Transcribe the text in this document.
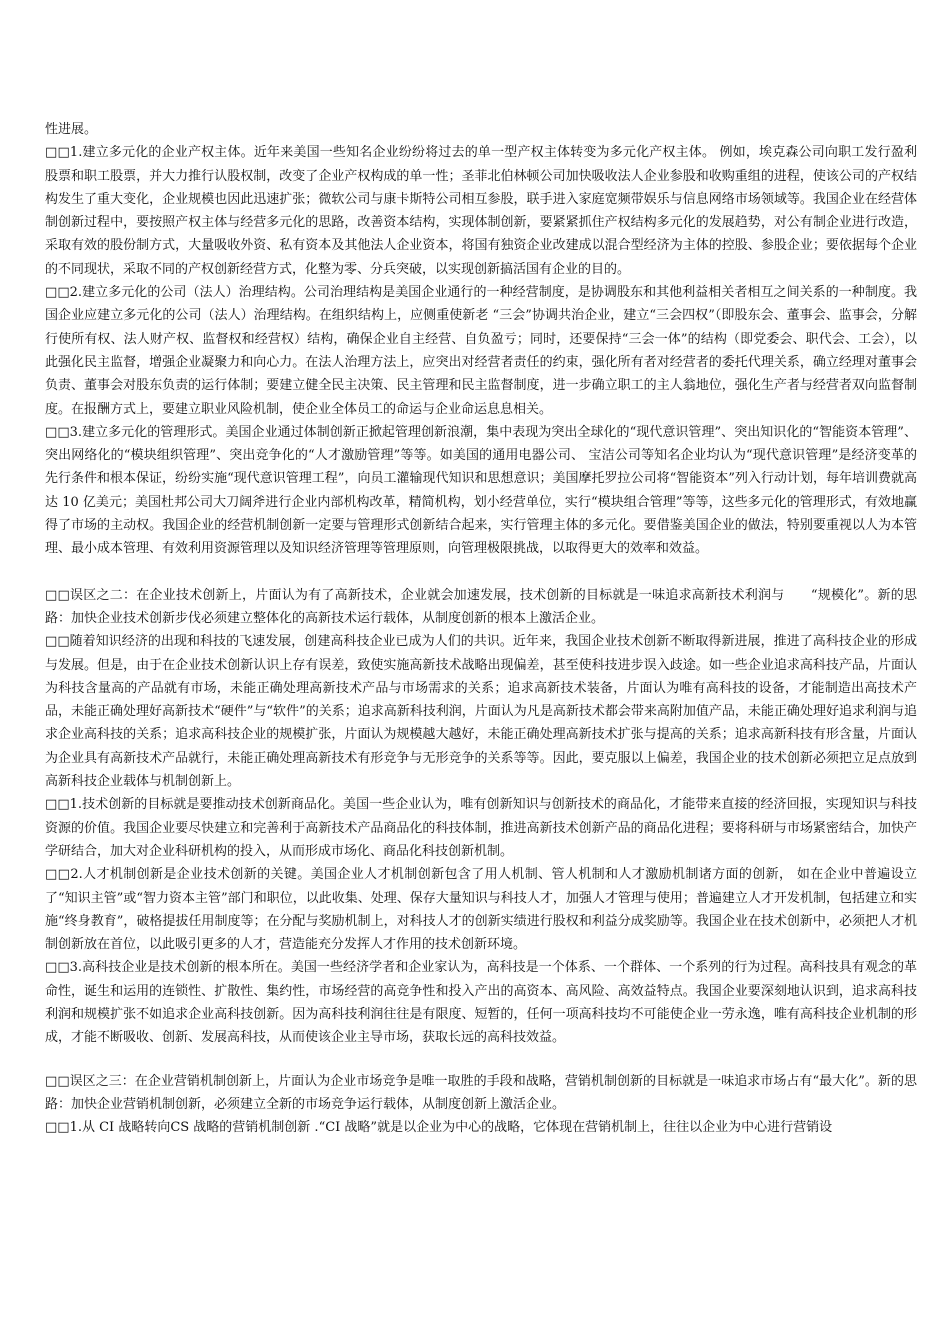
性进展。

□□1.建立多元化的企业产权主体。近年来美国一些知名企业纷纷将过去的单一型产权主体转变为多元化产权主体。 例如，埃克森公司向职工发行盈利股票和职工股票，并大力推行认股权制，改变了企业产权构成的单一性；圣菲北伯林顿公司加快吸收法人企业参股和收购重组的进程，使该公司的产权结构发生了重大变化，企业规模也因此迅速扩张；微软公司与康卡斯特公司相互参股，联手进入家庭宽频带娱乐与信息网络市场领域等。我国企业在经营体制创新过程中，要按照产权主体与经营多元化的思路，改善资本结构，实现体制创新，要紧紧抓住产权结构多元化的发展趋势，对公有制企业进行改造，采取有效的股份制方式，大量吸收外资、私有资本及其他法人企业资本，将国有独资企业改建成以混合型经济为主体的控股、参股企业；要依据每个企业的不同现状，采取不同的产权创新经营方式，化整为零、分兵突破，以实现创新搞活国有企业的目的。

□□2.建立多元化的公司（法人）治理结构。公司治理结构是美国企业通行的一种经营制度，是协调股东和其他利益相关者相互之间关系的一种制度。我国企业应建立多元化的公司（法人）治理结构。在组织结构上，应侧重使新老 “三会”协调共治企业，建立“三会四权”（即股东会、董事会、监事会，分解行使所有权、法人财产权、监督权和经营权）结构，确保企业自主经营、自负盈亏；同时，还要保持“三会一体”的结构（即党委会、职代会、工会），以此强化民主监督，增强企业凝聚力和向心力。在法人治理方法上，应突出对经营者责任的约束，强化所有者对经营者的委托代理关系，确立经理对董事会负责、董事会对股东负责的运行体制；要建立健全民主决策、民主管理和民主监督制度，进一步确立职工的主人翁地位，强化生产者与经营者双向监督制度。在报酬方式上，要建立职业风险机制，使企业全体员工的命运与企业命运息息相关。

□□3.建立多元化的管理形式。美国企业通过体制创新正掀起管理创新浪潮，集中表现为突出全球化的“现代意识管理”、突出知识化的“智能资本管理”、突出网络化的“模块组织管理”、突出竞争化的“人才激励管理”等等。如美国的通用电器公司、 宝洁公司等知名企业均认为“现代意识管理”是经济变革的先行条件和根本保证，纷纷实施“现代意识管理工程”，向员工灌输现代知识和思想意识；美国摩托罗拉公司将“智能资本”列入行动计划，每年培训费就高达 10 亿美元；美国杜邦公司大刀阔斧进行企业内部机构改革，精简机构，划小经营单位，实行“模块组合管理”等等，这些多元化的管理形式，有效地赢得了市场的主动权。我国企业的经营机制创新一定要与管理形式创新结合起来，实行管理主体的多元化。要借鉴美国企业的做法，特别要重视以人为本管理、最小成本管理、有效利用资源管理以及知识经济管理等管理原则，向管理极限挑战，以取得更大的效率和效益。

□□误区之二：在企业技术创新上，片面认为有了高新技术，企业就会加速发展，技术创新的目标就是一味追求高新技术利润与　　“规模化”。新的思路：加快企业技术创新步伐必须建立整体化的高新技术运行载体，从制度创新的根本上激活企业。

□□随着知识经济的出现和科技的飞速发展，创建高科技企业已成为人们的共识。近年来，我国企业技术创新不断取得新进展，推进了高科技企业的形成与发展。但是，由于在企业技术创新认识上存有误差，致使实施高新技术战略出现偏差，甚至使科技进步误入歧途。如一些企业追求高科技产品，片面认为科技含量高的产品就有市场，未能正确处理高新技术产品与市场需求的关系；追求高新技术装备，片面认为唯有高科技的设备，才能制造出高技术产品，未能正确处理好高新技术“硬件”与“软件”的关系；追求高新科技利润，片面认为凡是高新技术都会带来高附加值产品，未能正确处理好追求利润与追求企业高科技的关系；追求高科技企业的规模扩张，片面认为规模越大越好，未能正确处理高新技术扩张与提高的关系；追求高新科技有形含量，片面认为企业具有高新技术产品就行，未能正确处理高新技术有形竞争与无形竞争的关系等等。因此，要克服以上偏差，我国企业的技术创新必须把立足点放到高新科技企业载体与机制创新上。

□□1.技术创新的目标就是要推动技术创新商品化。美国一些企业认为，唯有创新知识与创新技术的商品化，才能带来直接的经济回报，实现知识与科技资源的价值。我国企业要尽快建立和完善利于高新技术产品商品化的科技体制，推进高新技术创新产品的商品化进程；要将科研与市场紧密结合，加快产学研结合，加大对企业科研机构的投入，从而形成市场化、商品化科技创新机制。

□□2.人才机制创新是企业技术创新的关键。美国企业人才机制创新包含了用人机制、管人机制和人才激励机制诸方面的创新， 如在企业中普遍设立了“知识主管”或“智力资本主管”部门和职位，以此收集、处理、保存大量知识与科技人才，加强人才管理与使用；普遍建立人才开发机制，包括建立和实施“终身教育”，破格提拔任用制度等；在分配与奖励机制上，对科技人才的创新实绩进行股权和利益分成奖励等。我国企业在技术创新中，必须把人才机制创新放在首位，以此吸引更多的人才，营造能充分发挥人才作用的技术创新环境。

□□3.高科技企业是技术创新的根本所在。美国一些经济学者和企业家认为，高科技是一个体系、一个群体、一个系列的行为过程。高科技具有观念的革命性，诞生和运用的连锁性、扩散性、集约性，市场经营的高竞争性和投入产出的高资本、高风险、高效益特点。我国企业要深刻地认识到，追求高科技利润和规模扩张不如追求企业高科技创新。因为高科技利润往往是有限度、短暂的，任何一项高科技均不可能使企业一劳永逸，唯有高科技企业机制的形成，才能不断吸收、创新、发展高科技，从而使该企业主导市场，获取长远的高科技效益。

□□误区之三：在企业营销机制创新上，片面认为企业市场竞争是唯一取胜的手段和战略，营销机制创新的目标就是一味追求市场占有“最大化”。新的思路：加快企业营销机制创新，必须建立全新的市场竞争运行载体，从制度创新上激活企业。

□□1.从 CI 战略转向CS 战略的营销机制创新 .“CI 战略”就是以企业为中心的战略，它体现在营销机制上，往往以企业为中心进行营销设
